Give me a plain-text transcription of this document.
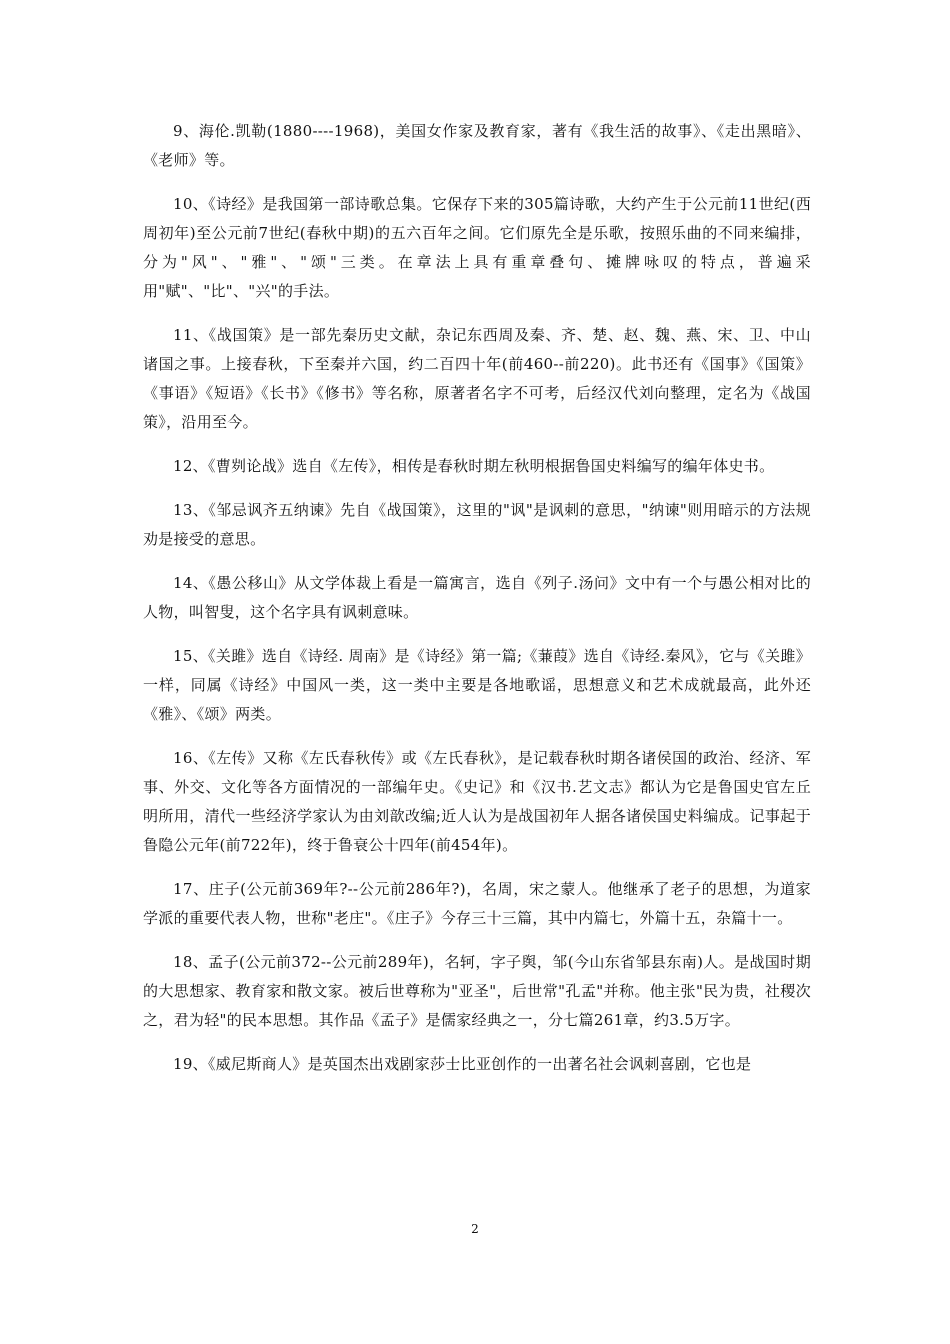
9、海伦.凯勒(1880----1968)，美国女作家及教育家，著有《我生活的故事》、《走出黑暗》、《老师》等。

10、《诗经》是我国第一部诗歌总集。它保存下来的305篇诗歌，大约产生于公元前11世纪(西周初年)至公元前7世纪(春秋中期)的五六百年之间。它们原先全是乐歌，按照乐曲的不同来编排，分为"风"、"雅"、"颂"三类。在章法上具有重章叠句、摊牌咏叹的特点，普遍采用"赋"、"比"、"兴"的手法。

11、《战国策》是一部先秦历史文献，杂记东西周及秦、齐、楚、赵、魏、燕、宋、卫、中山诸国之事。上接春秋，下至秦并六国，约二百四十年(前460--前220)。此书还有《国事》《国策》《事语》《短语》《长书》《修书》等名称，原著者名字不可考，后经汉代刘向整理，定名为《战国策》，沿用至今。

12、《曹刿论战》选自《左传》，相传是春秋时期左秋明根据鲁国史料编写的编年体史书。

13、《邹忌讽齐五纳谏》先自《战国策》，这里的"讽"是讽刺的意思，"纳谏"则用暗示的方法规劝是接受的意思。

14、《愚公移山》从文学体裁上看是一篇寓言，选自《列子.汤问》文中有一个与愚公相对比的人物，叫智叟，这个名字具有讽刺意味。

15、《关雎》选自《诗经. 周南》是《诗经》第一篇;《蒹葭》选自《诗经.秦风》，它与《关雎》一样，同属《诗经》中国风一类，这一类中主要是各地歌谣，思想意义和艺术成就最高，此外还《雅》、《颂》两类。

16、《左传》又称《左氏春秋传》或《左氏春秋》，是记载春秋时期各诸侯国的政治、经济、军事、外交、文化等各方面情况的一部编年史。《史记》和《汉书.艺文志》都认为它是鲁国史官左丘明所用，清代一些经济学家认为由刘歆改编;近人认为是战国初年人据各诸侯国史料编成。记事起于鲁隐公元年(前722年)，终于鲁衰公十四年(前454年)。

17、庄子(公元前369年?--公元前286年?)，名周，宋之蒙人。他继承了老子的思想，为道家学派的重要代表人物，世称"老庄"。《庄子》今存三十三篇，其中内篇七，外篇十五，杂篇十一。

18、孟子(公元前372--公元前289年)，名轲，字子舆，邹(今山东省邹县东南)人。是战国时期的大思想家、教育家和散文家。被后世尊称为"亚圣"，后世常"孔孟"并称。他主张"民为贵，社稷次之，君为轻"的民本思想。其作品《孟子》是儒家经典之一，分七篇261章，约3.5万字。

19、《威尼斯商人》是英国杰出戏剧家莎士比亚创作的一出著名社会讽刺喜剧，它也是

2
